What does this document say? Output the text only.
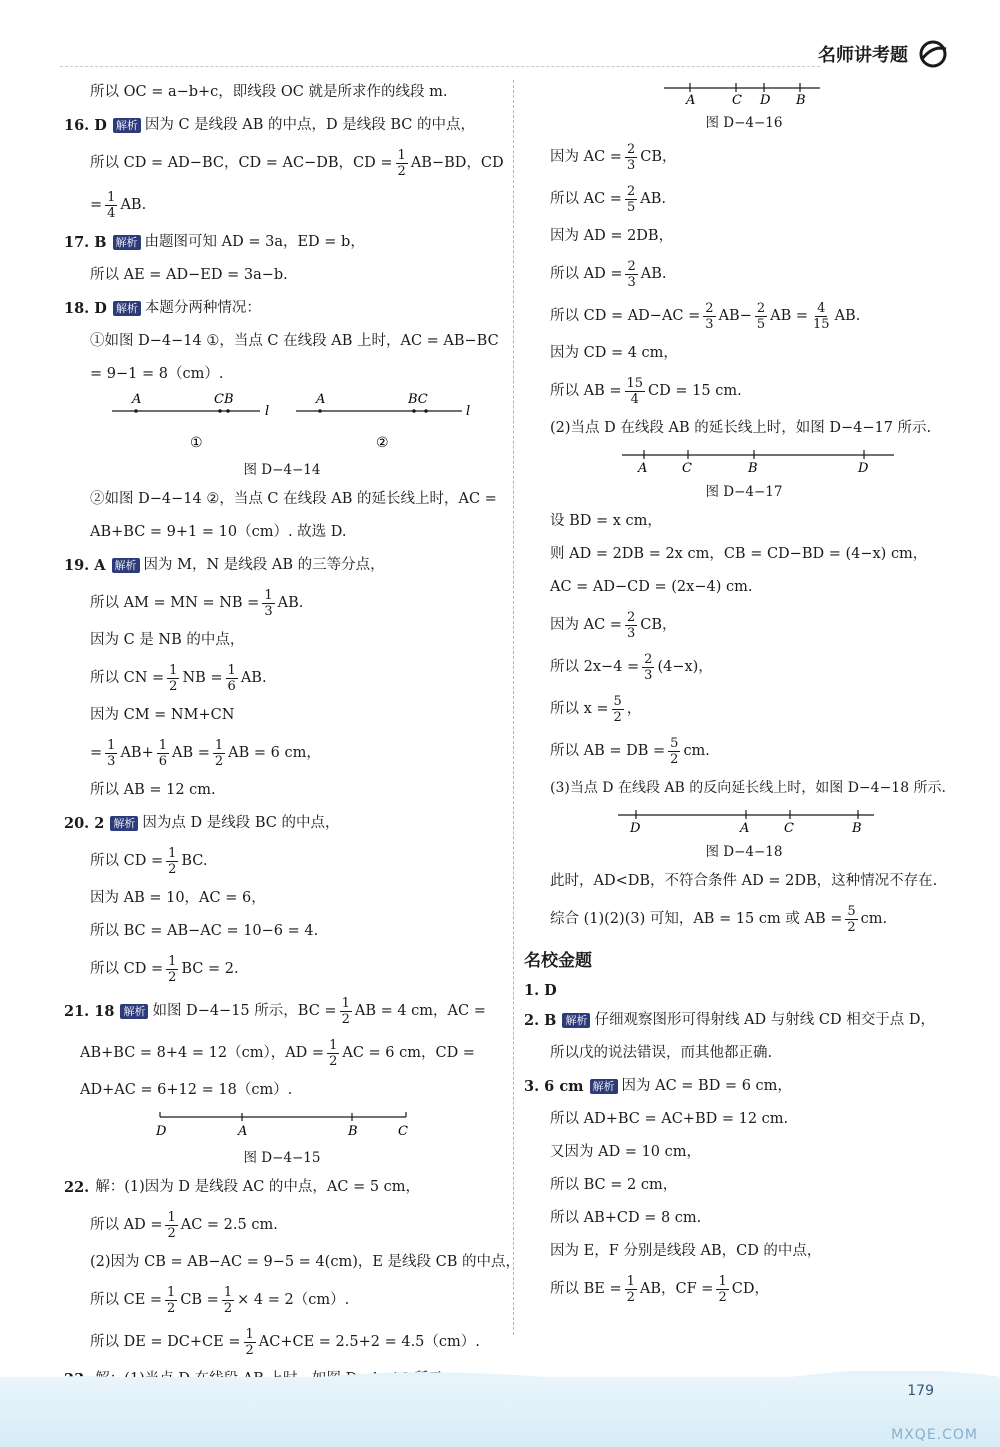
名师讲考题
所以 OC = a−b+c，即线段 OC 就是所求作的线段 m.
16. D 解析 因为 C 是线段 AB 的中点，D 是线段 BC 的中点，
所以 CD = AD−BC，CD = AC−DB，CD = $\frac{1}{2} AB-BD$，CD
= $\frac{1}{4}$ AB.
17. B 解析 由题图可知 AD = 3a，ED = b，
所以 AE = AD−ED = 3a−b.
18. D 解析 本题分两种情况：
①如图 D−4−14 ①，当点 C 在线段 AB 上时，AC = AB−BC
= 9−1 = 8（cm）.
A	CB
l
A	BC
l
①	②
图 D−4−14
②如图 D−4−14 ②，当点 C 在线段 AB 的延长线上时，AC =
AB+BC = 9+1 = 10（cm）. 故选 D.
19. A 解析 因为 M，N 是线段 AB 的三等分点，
所以 AM = MN = NB = $\frac{1}{3}$ AB.
因为 C 是 NB 的中点，
所以 CN = $\frac{1}{2}$ NB = $\frac{1}{6}$ AB.
因为 CM = NM+CN
= $\frac{1}{3} AB+ \frac{1}{6}$ AB = $\frac{1}{2}$ AB = 6 cm，
所以 AB = 12 cm.
20. 2 解析 因为点 D 是线段 BC 的中点，
所以 CD = $\frac{1}{2}$ BC.
因为 AB = 10，AC = 6，
所以 BC = AB−AC = 10−6 = 4.
所以 CD = $\frac{1}{2}$ BC = 2.
21. 18 解析 如图 D−4−15 所示，BC = $\frac{1}{2}$ AB = 4 cm，AC =
AB+BC = 8+4 = 12（cm），AD = $\frac{1}{2}$ AC = 6 cm，CD =
AD+AC = 6+12 = 18（cm）.
D	A	B	C
图 D−4−15
22. 解：(1)因为 D 是线段 AC 的中点，AC = 5 cm，
所以 AD = $\frac{1}{2}$ AC = 2.5 cm.
(2)因为 CB = AB−AC = 9−5 = 4(cm)，E 是线段 CB 的中点，
所以 CE = $\frac{1}{2}$ CB = $\frac{1}{2} \times 4 = 2(cm)$.
所以 DE = $DC+CE = \frac{1}{2} AC+CE = 2.5+2 = 4.5(cm)$.
A	C D B
图 D−4−16
因为 AC = $\frac{2}{3}$ CB，
所以 AC = $\frac{2}{5}$ AB.
因为 AD = 2DB，
所以 AD = $\frac{2}{3}$ AB.
所以 CD = $AD-AC = \frac{2}{3} AB- \frac{2}{5}$ AB = $\frac{4}{15}$ AB.
因为 CD = 4 cm，
所以 AB = $\frac{15}{4}$ CD = 15 cm.
(2)当点 D 在线段 AB 的延长线上时，如图 D−4−17 所示.
A	C	B	D
图 D−4−17
设 BD = x cm，
则 AD = 2DB = 2x cm，CB = CD−BD = (4−x) cm，
AC = AD−CD = (2x−4) cm.
因为 AC = $\frac{2}{3}$ CB，
所以 $2x-4 = \frac{2}{3} (4-x)$，
所以 $x = \frac{5}{2}$ ，
所以 AB = DB = $\frac{5}{2}$ cm.
(3)当点 D 在线段 AB 的反向延长线上时，如图 D−4−18 所示.
D	A	C	B
图 D−4−18
此时，AD<DB，不符合条件 AD = 2DB，这种情况不存在.
综合 (1)(2)(3) 可知，AB = 15 cm 或 AB = $\frac{5}{2}$ cm.
名校金题
1. D
2. B 解析 仔细观察图形可得射线 AD 与射线 CD 相交于点 D，
所以戊的说法错误，而其他都正确.
3. 6 cm 解析 因为 AC = BD = 6 cm，
所以 AD+BC = AC+BD = 12 cm.
又因为 AD = 10 cm，
所以 BC = 2 cm，
所以 AB+CD = 8 cm.
因为 E，F 分别是线段 AB，CD 的中点，
所以 BE = $\frac{1}{2}$ AB，CF = $\frac{1}{2}$ CD，
179
MXQE.COM
